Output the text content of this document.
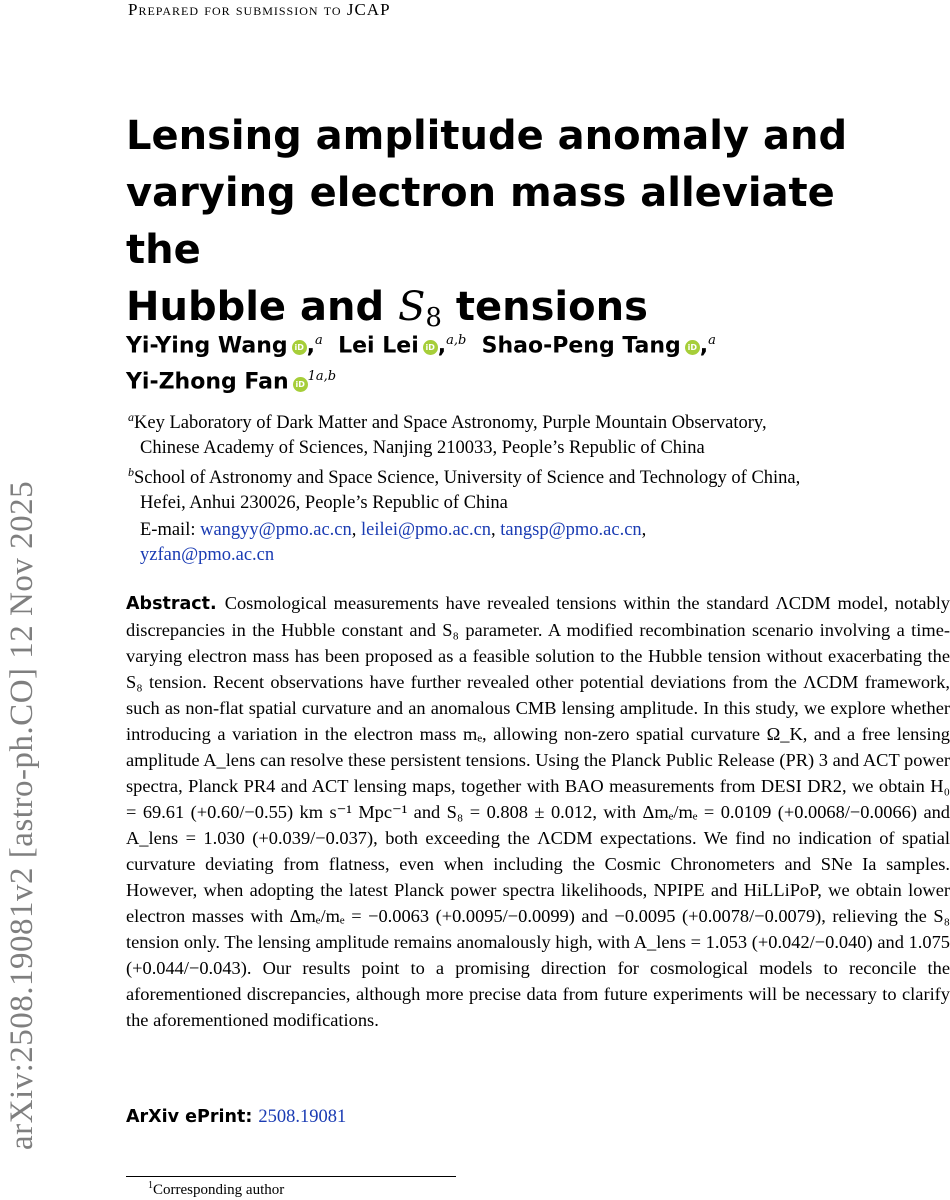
arXiv:2508.19081v2 [astro-ph.CO] 12 Nov 2025
Prepared for submission to JCAP
Lensing amplitude anomaly and
varying electron mass alleviate the
Hubble and $S_8$ tensions
Yi-Ying Wang iD ,$^a$ Lei Lei iD ,$^{a,b}$ Shao-Peng Tang iD ,$^a$
Yi-Zhong Fan iD $^{1a,b}$
$^a$Key Laboratory of Dark Matter and Space Astronomy, Purple Mountain Observatory,
Chinese Academy of Sciences, Nanjing 210033, People’s Republic of China
$^b$School of Astronomy and Space Science, University of Science and Technology of China,
Hefei, Anhui 230026, People’s Republic of China
E-mail: wangyy@pmo.ac.cn, leilei@pmo.ac.cn, tangsp@pmo.ac.cn,
yzfan@pmo.ac.cn
Abstract. Cosmological measurements have revealed tensions within the standard ΛCDM model, notably discrepancies in the Hubble constant and S₈ parameter. A modified recombination scenario involving a time-varying electron mass has been proposed as a feasible solution to the Hubble tension without exacerbating the S₈ tension. Recent observations have further revealed other potential deviations from the ΛCDM framework, such as non-flat spatial curvature and an anomalous CMB lensing amplitude. In this study, we explore whether introducing a variation in the electron mass mₑ, allowing non-zero spatial curvature Ω_K, and a free lensing amplitude A_lens can resolve these persistent tensions. Using the Planck Public Release (PR) 3 and ACT power spectra, Planck PR4 and ACT lensing maps, together with BAO measurements from DESI DR2, we obtain H₀ = 69.61 (+0.60/−0.55) km s⁻¹ Mpc⁻¹ and S₈ = 0.808 ± 0.012, with Δmₑ/mₑ = 0.0109 (+0.0068/−0.0066) and A_lens = 1.030 (+0.039/−0.037), both exceeding the ΛCDM expectations. We find no indication of spatial curvature deviating from flatness, even when including the Cosmic Chronometers and SNe Ia samples. However, when adopting the latest Planck power spectra likelihoods, NPIPE and HiLLiPoP, we obtain lower electron masses with Δmₑ/mₑ = −0.0063 (+0.0095/−0.0099) and −0.0095 (+0.0078/−0.0079), relieving the S₈ tension only. The lensing amplitude remains anomalously high, with A_lens = 1.053 (+0.042/−0.040) and 1.075 (+0.044/−0.043). Our results point to a promising direction for cosmological models to reconcile the aforementioned discrepancies, although more precise data from future experiments will be necessary to clarify the aforementioned modifications.
ArXiv ePrint: 2508.19081
$^1$Corresponding author
